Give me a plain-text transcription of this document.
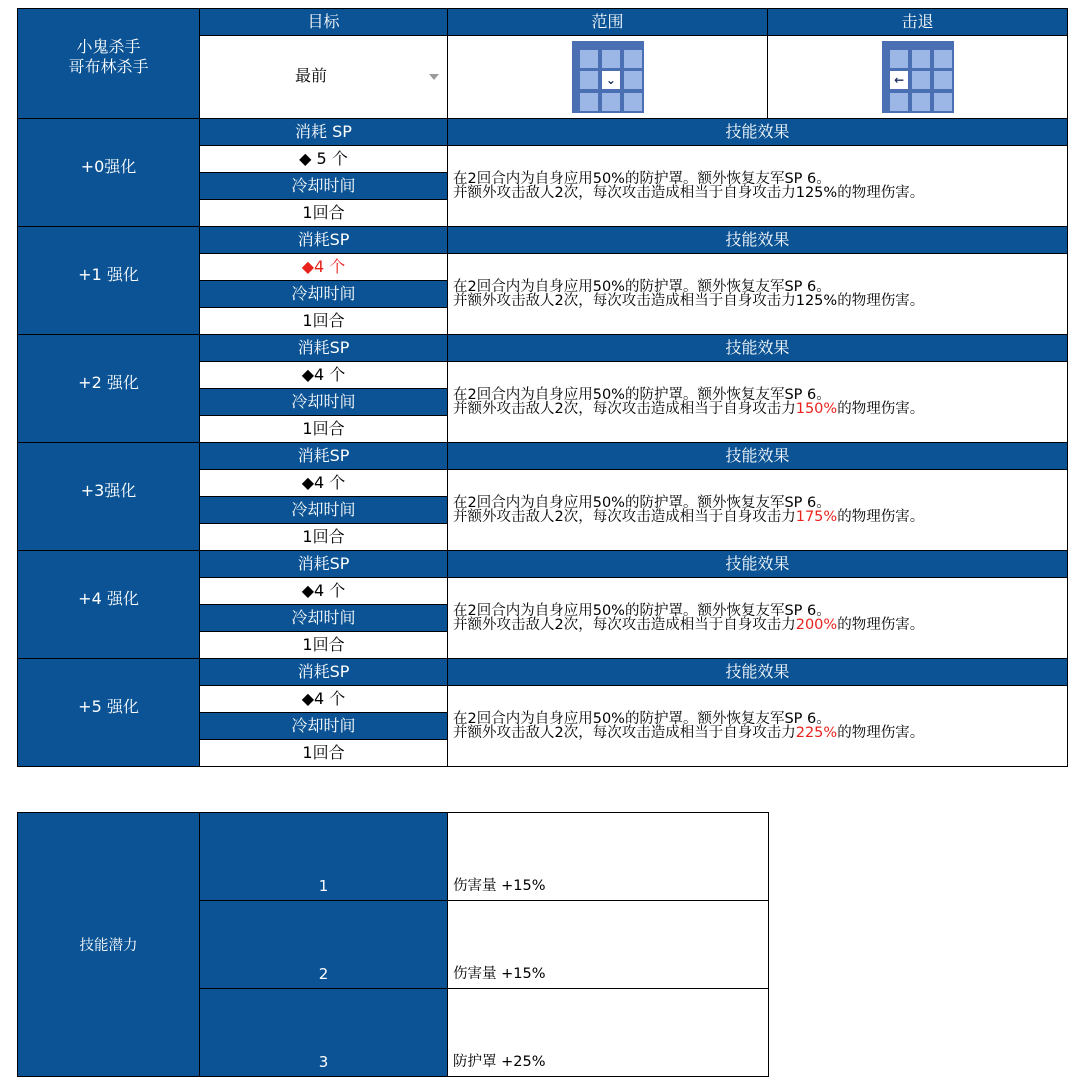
小鬼杀手
哥布林杀手	目标	范围	击退

	最前	⌄	←

+0强化	消耗 SP	技能效果	
	◆ 5 个	在2回合内为自身应用50%的防护罩。额外恢复友军SP 6。
并额外攻击敌人2次，每次攻击造成相当于自身攻击力125%的物理伤害。	

	冷却时间		
	1回合		

+1 强化	消耗SP	技能效果	
	◆4 个	在2回合内为自身应用50%的防护罩。额外恢复友军SP 6。
并额外攻击敌人2次，每次攻击造成相当于自身攻击力125%的物理伤害。	

	冷却时间		
	1回合		

+2 强化	消耗SP	技能效果	
	◆4 个	在2回合内为自身应用50%的防护罩。额外恢复友军SP 6。
并额外攻击敌人2次，每次攻击造成相当于自身攻击力150%的物理伤害。	

	冷却时间		
	1回合		

+3强化	消耗SP	技能效果	
	◆4 个	在2回合内为自身应用50%的防护罩。额外恢复友军SP 6。
并额外攻击敌人2次，每次攻击造成相当于自身攻击力175%的物理伤害。	

	冷却时间		
	1回合		

+4 强化	消耗SP	技能效果	
	◆4 个	在2回合内为自身应用50%的防护罩。额外恢复友军SP 6。
并额外攻击敌人2次，每次攻击造成相当于自身攻击力200%的物理伤害。	

	冷却时间		
	1回合		

+5 强化	消耗SP	技能效果	
	◆4 个	在2回合内为自身应用50%的防护罩。额外恢复友军SP 6。
并额外攻击敌人2次，每次攻击造成相当于自身攻击力225%的物理伤害。	

	冷却时间		
	1回合		
技能潜力	1	伤害量 +15%
	2	伤害量 +15%
	3	防护罩 +25%
